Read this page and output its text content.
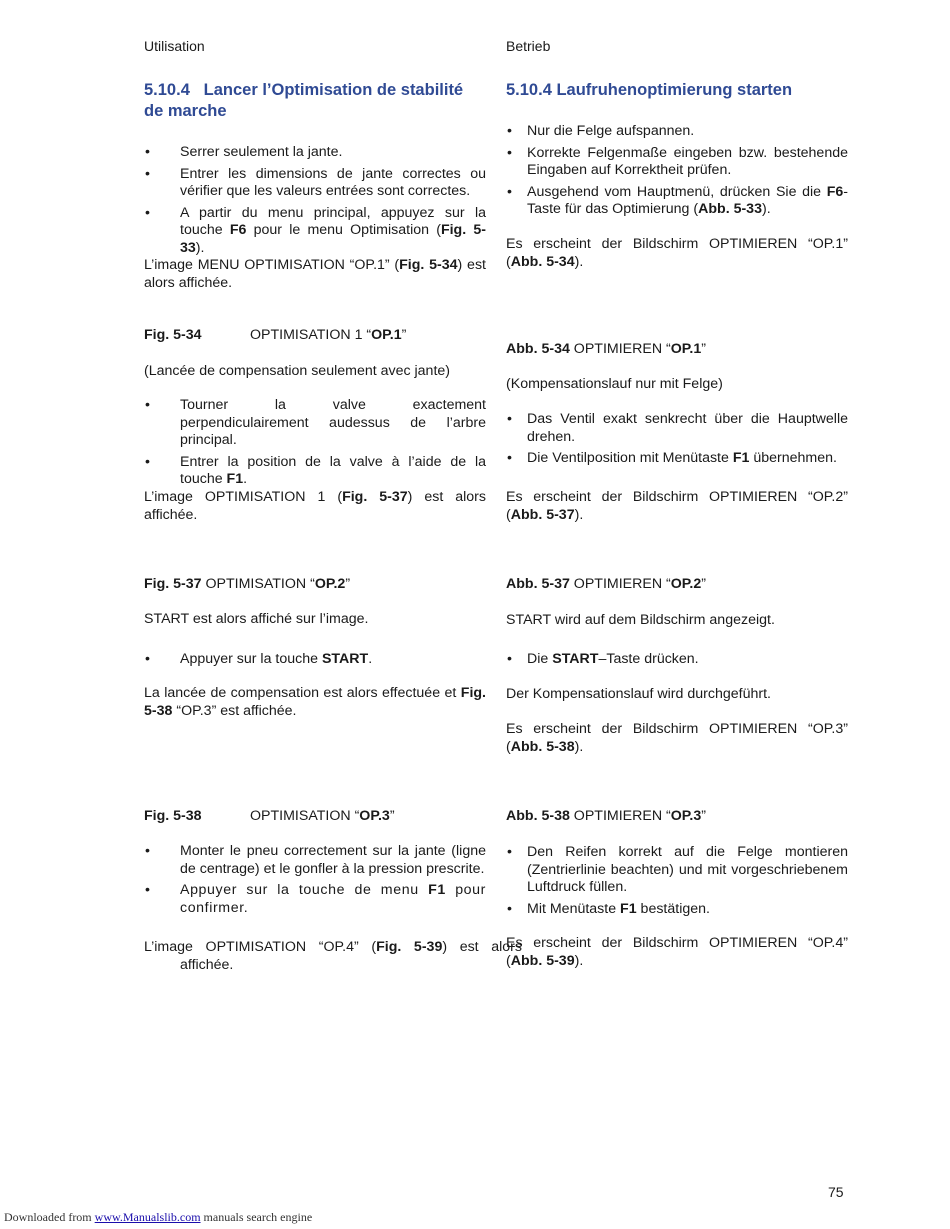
Utilisation
5.10.4 Lancer l’Optimisation de stabilité de marche
• Serrer seulement la jante.
• Entrer les dimensions de jante correctes ou vérifier que les valeurs entrées sont correctes.
• A partir du menu principal, appuyez sur la touche F6 pour le menu Optimisation (Fig. 5-33).

L’image MENU OPTIMISATION “OP.1” (Fig. 5-34) est alors affichée.

Fig. 5-34	OPTIMISATION 1 “OP.1”

(Lancée de compensation seulement avec jante)

• Tourner la valve exactement perpendiculairement audessus de l’arbre principal.
• Entrer la position de la valve à l’aide de la touche F1.

L’image OPTIMISATION 1 (Fig. 5-37) est alors affichée.

Fig. 5-37 OPTIMISATION “OP.2”

START est alors affiché sur l’image.

• Appuyer sur la touche START.

La lancée de compensation est alors effectuée et Fig. 5-38 “OP.3” est affichée.

Fig. 5-38	OPTIMISATION “OP.3”
• Monter le pneu correctement sur la jante (ligne de centrage) et le gonfler à la pression prescrite.
• Appuyer sur la touche de menu F1 pour confirmer.

L’image OPTIMISATION “OP.4” (Fig. 5-39) est alors affichée.

Betrieb
5.10.4 Laufruhenoptimierung starten
• Nur die Felge aufspannen.
• Korrekte Felgenmaße eingeben bzw. bestehende Eingaben auf Korrektheit prüfen.
• Ausgehend vom Hauptmenü, drücken Sie die F6-Taste für das Optimierung (Abb. 5-33).

Es erscheint der Bildschirm OPTIMIEREN “OP.1” (Abb. 5-34).

Abb. 5-34 OPTIMIEREN “OP.1”

(Kompensationslauf nur mit Felge)

• Das Ventil exakt senkrecht über die Hauptwelle drehen.
• Die Ventilposition mit Menütaste F1 übernehmen.

Es erscheint der Bildschirm OPTIMIEREN “OP.2” (Abb. 5-37).

Abb. 5-37 OPTIMIEREN “OP.2”

START wird auf dem Bildschirm angezeigt.

• Die START–Taste drücken.

Der Kompensationslauf wird durchgeführt.

Es erscheint der Bildschirm OPTIMIEREN “OP.3” (Abb. 5-38).

Abb. 5-38 OPTIMIEREN “OP.3”
• Den Reifen korrekt auf die Felge montieren (Zentrierlinie beachten) und mit vorgeschriebenem Luftdruck füllen.
• Mit Menütaste F1 bestätigen.

Es erscheint der Bildschirm OPTIMIEREN “OP.4” (Abb. 5-39).

75
Downloaded from www.Manualslib.com manuals search engine
